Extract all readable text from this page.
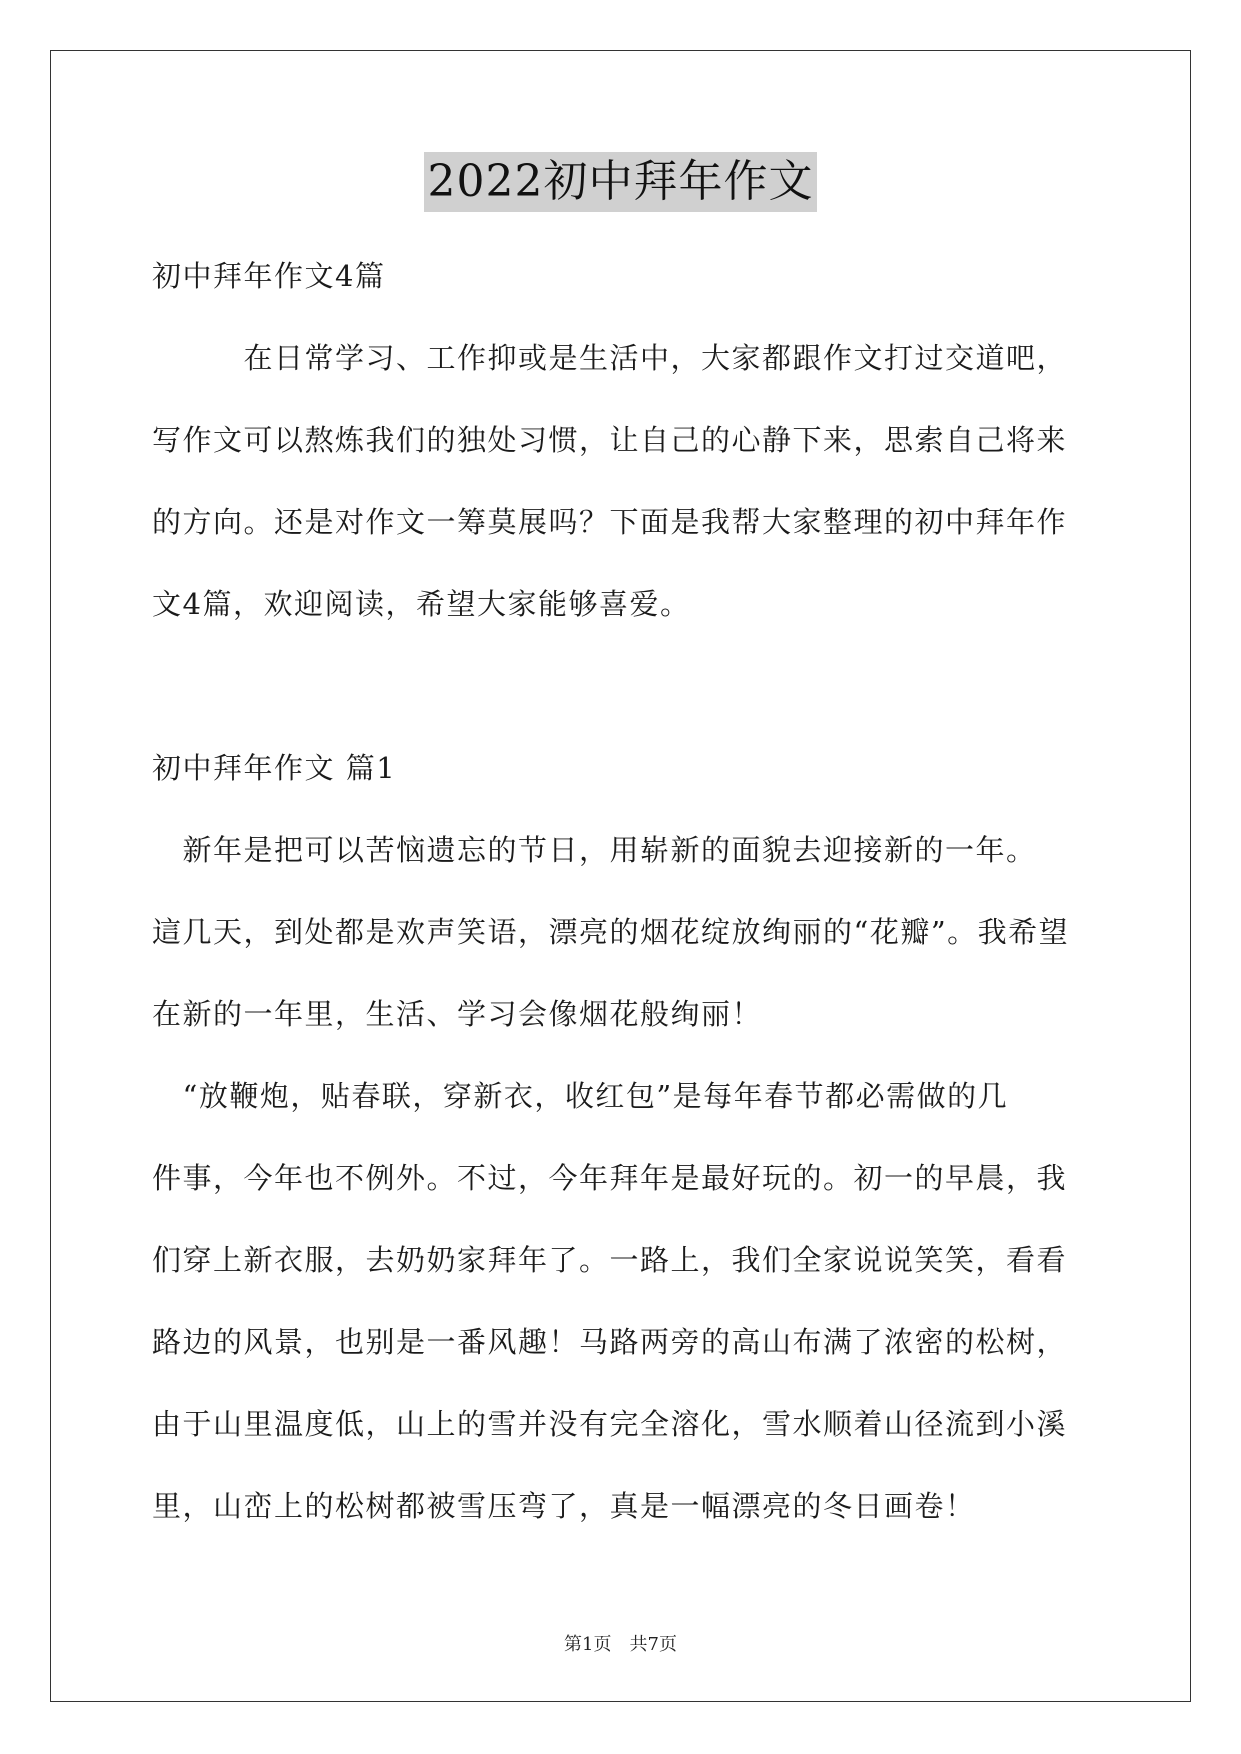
2022初中拜年作文
初中拜年作文4篇
　　　在日常学习、工作抑或是生活中，大家都跟作文打过交道吧，
写作文可以熬炼我们的独处习惯，让自己的心静下来，思索自己将来
的方向。还是对作文一筹莫展吗？下面是我帮大家整理的初中拜年作
文4篇，欢迎阅读，希望大家能够喜爱。
初中拜年作文 篇1
　新年是把可以苦恼遗忘的节日，用崭新的面貌去迎接新的一年。
這几天，到处都是欢声笑语，漂亮的烟花绽放绚丽的“花瓣”。我希望
在新的一年里，生活、学习会像烟花般绚丽！
　“放鞭炮，贴春联，穿新衣，收红包”是每年春节都必需做的几
件事，今年也不例外。不过，今年拜年是最好玩的。初一的早晨，我
们穿上新衣服，去奶奶家拜年了。一路上，我们全家说说笑笑，看看
路边的风景，也别是一番风趣！马路两旁的高山布满了浓密的松树，
由于山里温度低，山上的雪并没有完全溶化，雪水顺着山径流到小溪
里，山峦上的松树都被雪压弯了，真是一幅漂亮的冬日画卷！
第1页　共7页
